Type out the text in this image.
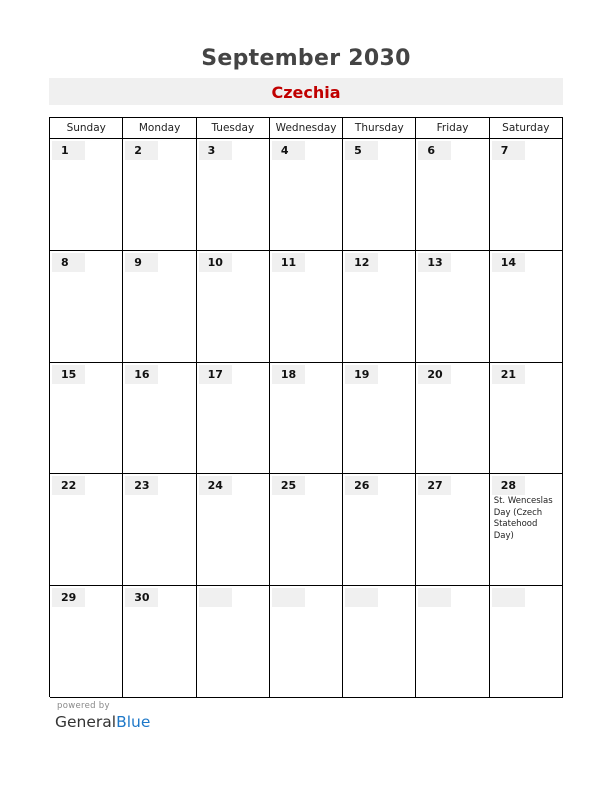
September 2030
Czechia
Sunday	Monday	Tuesday	Wednesday	Thursday	Friday	Saturday
1	2	3	4	5	6	7
8	9	10	11	12	13	14
15	16	17	18	19	20	21
22	23	24	25	26	27	28
St. Wenceslas Day (Czech Statehood Day)
29	30
powered by
GeneralBlue
